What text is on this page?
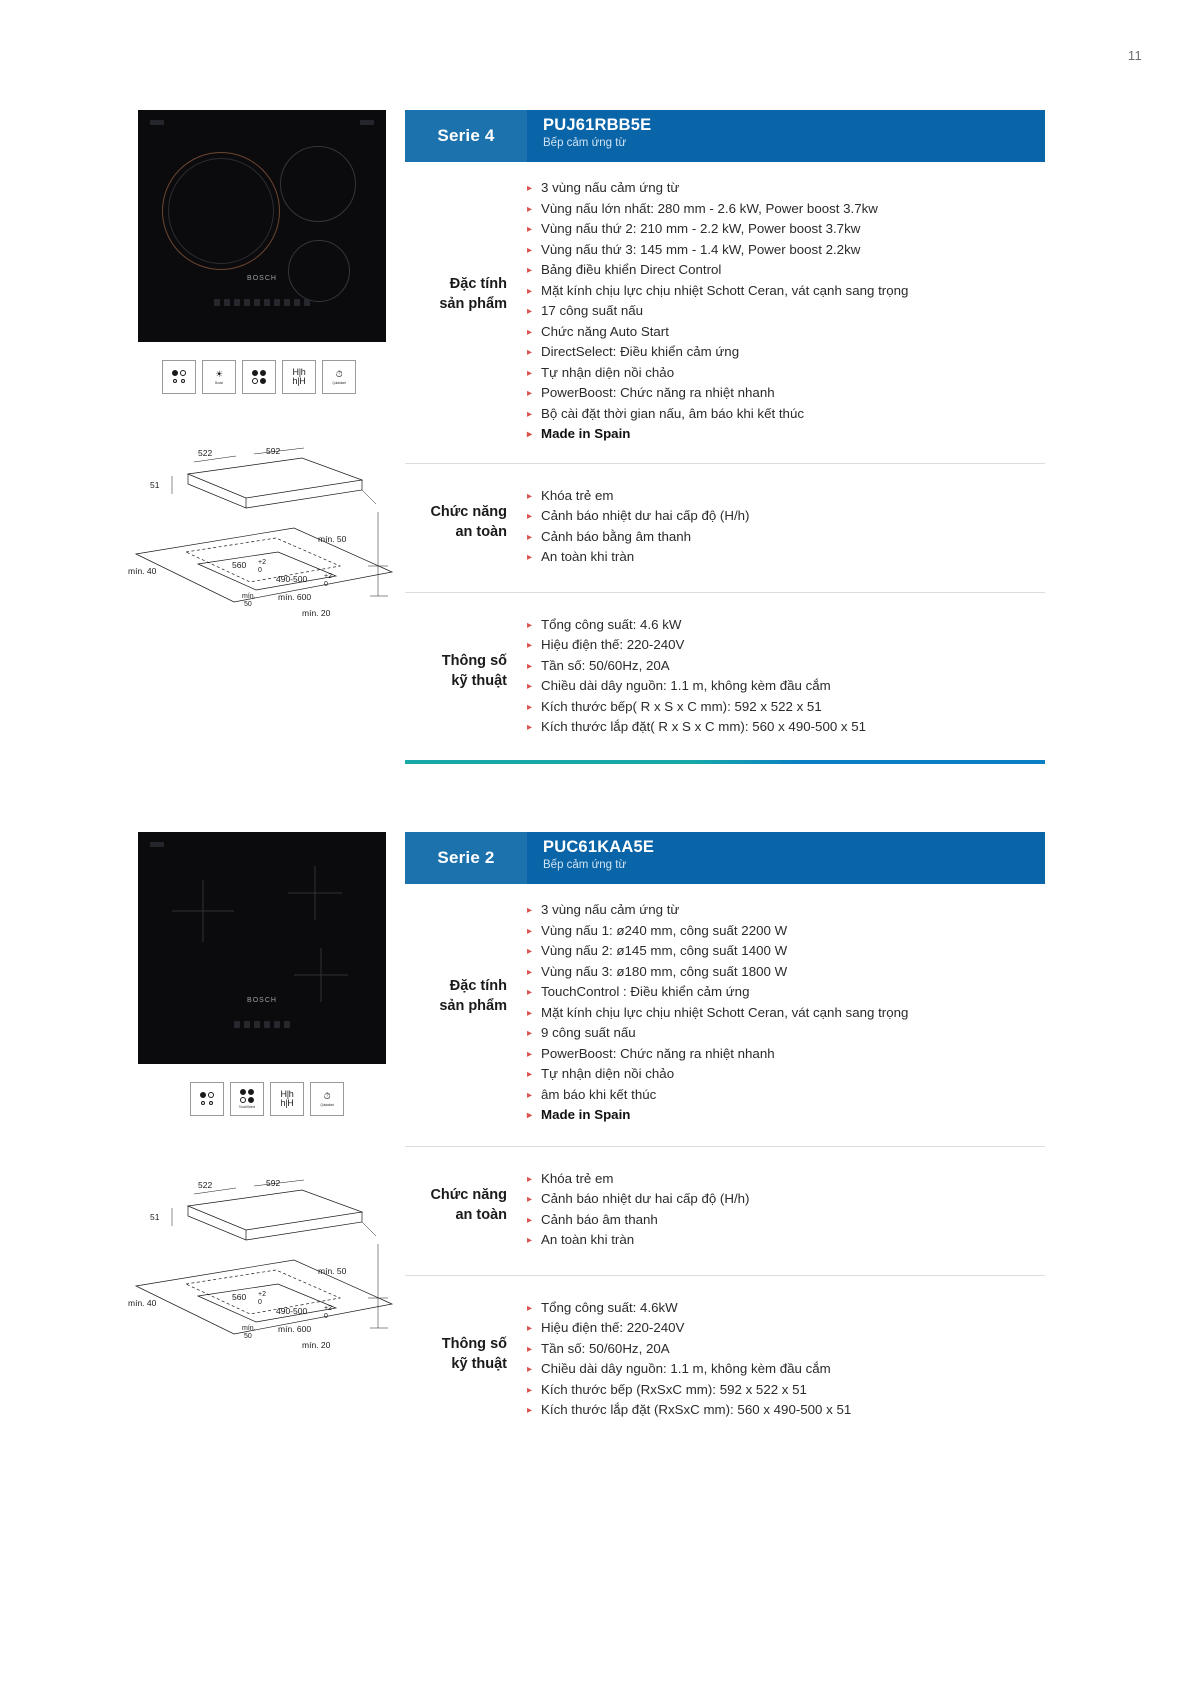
11
BOSCH
☀
Boost
H|h
h|H
⏱
Quickstart
522	592
51
560 +2
0
490-500 +2
0
mín. 50
mín. 40
mín.
50
mín. 600
mín. 20
Serie 4
PUJ61RBB5E
Bếp cảm ứng từ
Đặc tính
sản phẩm
▸ 3 vùng nấu cảm ứng từ
▸ Vùng nấu lớn nhất: 280 mm - 2.6 kW, Power boost 3.7kw
▸ Vùng nấu thứ 2: 210 mm - 2.2 kW, Power boost 3.7kw
▸ Vùng nấu thứ 3: 145 mm - 1.4 kW, Power boost 2.2kw
▸ Bảng điều khiển Direct Control
▸ Mặt kính chịu lực chịu nhiệt Schott Ceran, vát cạnh sang trọng
▸ 17 công suất nấu
▸ Chức năng Auto Start
▸ DirectSelect: Điều khiển cảm ứng
▸ Tự nhận diện nồi chảo
▸ PowerBoost: Chức năng ra nhiệt nhanh
▸ Bộ cài đặt thời gian nấu, âm báo khi kết thúc
▸ Made in Spain
Chức năng
an toàn
▸ Khóa trẻ em
▸ Cảnh báo nhiệt dư hai cấp độ (H/h)
▸ Cảnh báo bằng âm thanh
▸ An toàn khi tràn
Thông số
kỹ thuật
▸ Tổng công suất: 4.6 kW
▸ Hiệu điện thế: 220-240V
▸ Tần số: 50/60Hz, 20A
▸ Chiều dài dây nguồn: 1.1 m, không kèm đầu cắm
▸ Kích thước bếp( R x S x C mm): 592 x 522 x 51
▸ Kích thước lắp đặt( R x S x C mm): 560 x 490-500 x 51
BOSCH
TouchSelect
H|h
h|H
⏱
Quickstart
522	592
51
560 +2
0
490-500 +2
0
mín. 50
mín. 40
mín.
50
mín. 600
mín. 20
Serie 2
PUC61KAA5E
Bếp cảm ứng từ
Đặc tính
sản phẩm
▸ 3 vùng nấu cảm ứng từ
▸ Vùng nấu 1: ø240 mm, công suất 2200 W
▸ Vùng nấu 2: ø145 mm, công suất 1400 W
▸ Vùng nấu 3: ø180 mm, công suất 1800 W
▸ TouchControl : Điều khiển cảm ứng
▸ Mặt kính chịu lực chịu nhiệt Schott Ceran, vát cạnh sang trọng
▸ 9 công suất nấu
▸ PowerBoost: Chức năng ra nhiệt nhanh
▸ Tự nhận diện nồi chảo
▸ âm báo khi kết thúc
▸ Made in Spain
Chức năng
an toàn
▸ Khóa trẻ em
▸ Cảnh báo nhiệt dư hai cấp độ (H/h)
▸ Cảnh báo âm thanh
▸ An toàn khi tràn
Thông số
kỹ thuật
▸ Tổng công suất: 4.6kW
▸ Hiệu điện thế: 220-240V
▸ Tần số: 50/60Hz, 20A
▸ Chiều dài dây nguồn: 1.1 m, không kèm đầu cắm
▸ Kích thước bếp (RxSxC mm): 592 x 522 x 51
▸ Kích thước lắp đặt (RxSxC mm): 560 x 490-500 x 51
